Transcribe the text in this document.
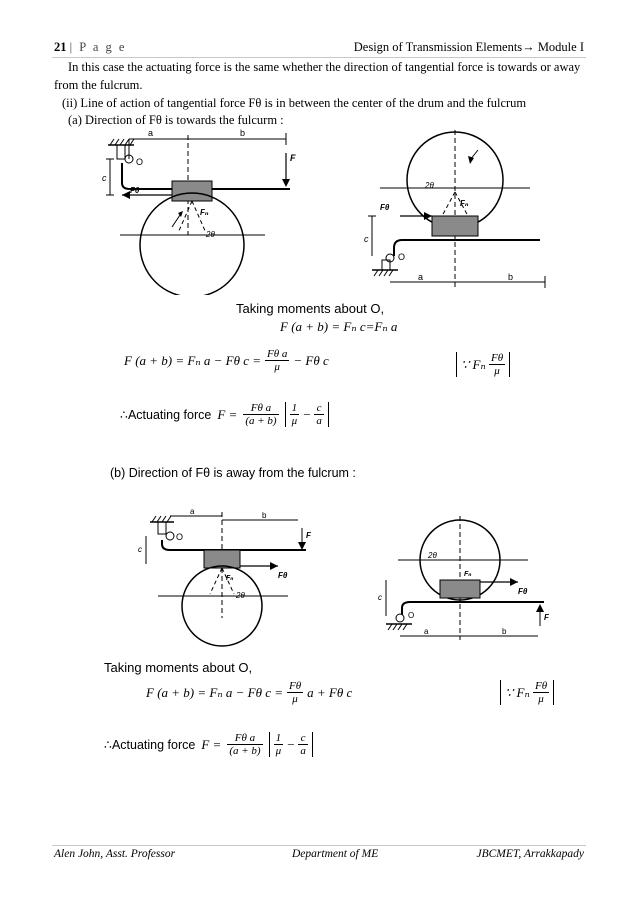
21 | P a g e	Design of Transmission Elements→ Module I
In this case the actuating force is the same whether the direction of tangential force is towards or away from the fulcrum.
(ii) Line of action of tangential force Fθ is in between the center of the drum and the fulcrum
(a) Direction of Fθ is towards the fulcurm :
O
a	b
F
c
Fθ
Fₙ
2θ
2θ
Fₙ
Fθ
O
c
a	b
Taking moments about O,
F (a + b) = Fₙ c=Fₙ a
F (a + b) = Fₙ a − Fθ $c = \frac{\text{Fθ a}}{\mu} - F\theta$ c	∵ Fₙ
$\frac{F\theta}{\mu}$
∴Actuating force $F = \frac{\text{Fθ a}}{(a + b)} \frac{1}{\mu} - \frac{c}{a}$
(b) Direction of Fθ is away from the fulcrum :
O
a	b
F
c
Fθ
Fₙ
2θ
2θ
Fₙ
Fθ
O
c
a	b
F
Taking moments about O,
F (a + b) = Fₙ a − Fθ $c = \frac{F\theta}{\mu}$ a + Fθ c	∵ Fₙ
$\frac{F\theta}{\mu}$
∴Actuating force $F = \frac{\text{Fθ a}}{(a + b)} \frac{1}{\mu} - \frac{c}{a}$
Alen John, Asst. Professor	Department of ME	JBCMET, Arrakkapady
